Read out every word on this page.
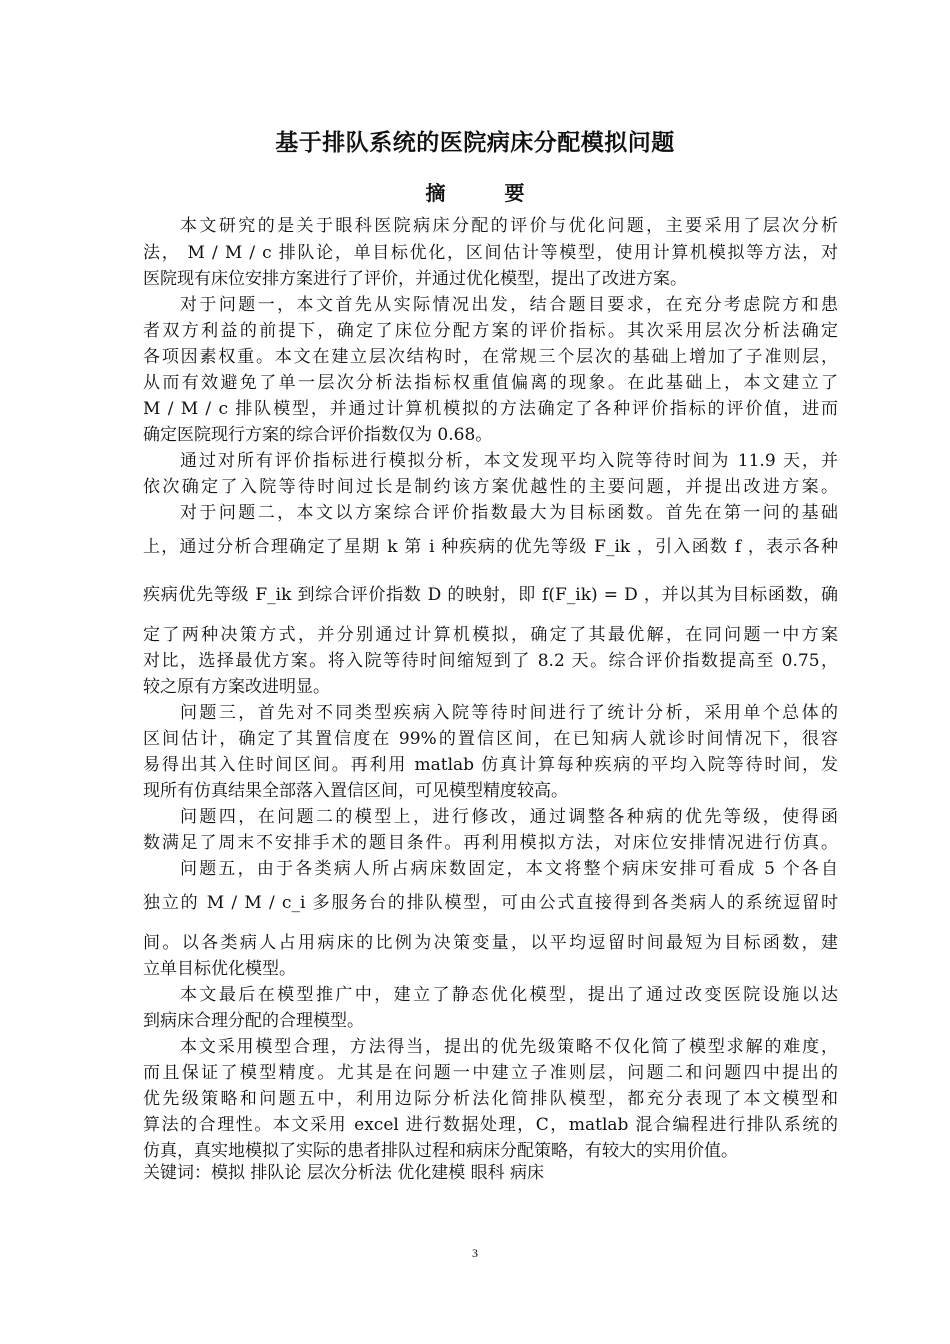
基于排队系统的医院病床分配模拟问题
摘 要
本文研究的是关于眼科医院病床分配的评价与优化问题，主要采用了层次分析
法， M / M / c 排队论，单目标优化，区间估计等模型，使用计算机模拟等方法，对
医院现有床位安排方案进行了评价，并通过优化模型，提出了改进方案。
对于问题一，本文首先从实际情况出发，结合题目要求，在充分考虑院方和患
者双方利益的前提下，确定了床位分配方案的评价指标。其次采用层次分析法确定
各项因素权重。本文在建立层次结构时，在常规三个层次的基础上增加了子准则层，
从而有效避免了单一层次分析法指标权重值偏离的现象。在此基础上，本文建立了
M / M / c 排队模型，并通过计算机模拟的方法确定了各种评价指标的评价值，进而
确定医院现行方案的综合评价指数仅为 0.68。
通过对所有评价指标进行模拟分析，本文发现平均入院等待时间为 11.9 天，并
依次确定了入院等待时间过长是制约该方案优越性的主要问题，并提出改进方案。
对于问题二，本文以方案综合评价指数最大为目标函数。首先在第一问的基础
上，通过分析合理确定了星期 k 第 i 种疾病的优先等级 F_ik ，引入函数 f ，表示各种
疾病优先等级 F_ik 到综合评价指数 D 的映射，即 f(F_ik) = D ，并以其为目标函数，确
定了两种决策方式，并分别通过计算机模拟，确定了其最优解，在同问题一中方案
对比，选择最优方案。将入院等待时间缩短到了 8.2 天。综合评价指数提高至 0.75，
较之原有方案改进明显。
问题三，首先对不同类型疾病入院等待时间进行了统计分析，采用单个总体的
区间估计，确定了其置信度在 99%的置信区间，在已知病人就诊时间情况下，很容
易得出其入住时间区间。再利用 matlab 仿真计算每种疾病的平均入院等待时间，发
现所有仿真结果全部落入置信区间，可见模型精度较高。
问题四，在问题二的模型上，进行修改，通过调整各种病的优先等级，使得函
数满足了周末不安排手术的题目条件。再利用模拟方法，对床位安排情况进行仿真。
问题五，由于各类病人所占病床数固定，本文将整个病床安排可看成 5 个各自
独立的 M / M / c_i 多服务台的排队模型，可由公式直接得到各类病人的系统逗留时
间。以各类病人占用病床的比例为决策变量，以平均逗留时间最短为目标函数，建
立单目标优化模型。
本文最后在模型推广中，建立了静态优化模型，提出了通过改变医院设施以达
到病床合理分配的合理模型。
本文采用模型合理，方法得当，提出的优先级策略不仅化简了模型求解的难度，
而且保证了模型精度。尤其是在问题一中建立子准则层，问题二和问题四中提出的
优先级策略和问题五中，利用边际分析法化简排队模型，都充分表现了本文模型和
算法的合理性。本文采用 excel 进行数据处理，C，matlab 混合编程进行排队系统的
仿真，真实地模拟了实际的患者排队过程和病床分配策略，有较大的实用价值。
关键词：模拟 排队论 层次分析法 优化建模 眼科 病床
3
